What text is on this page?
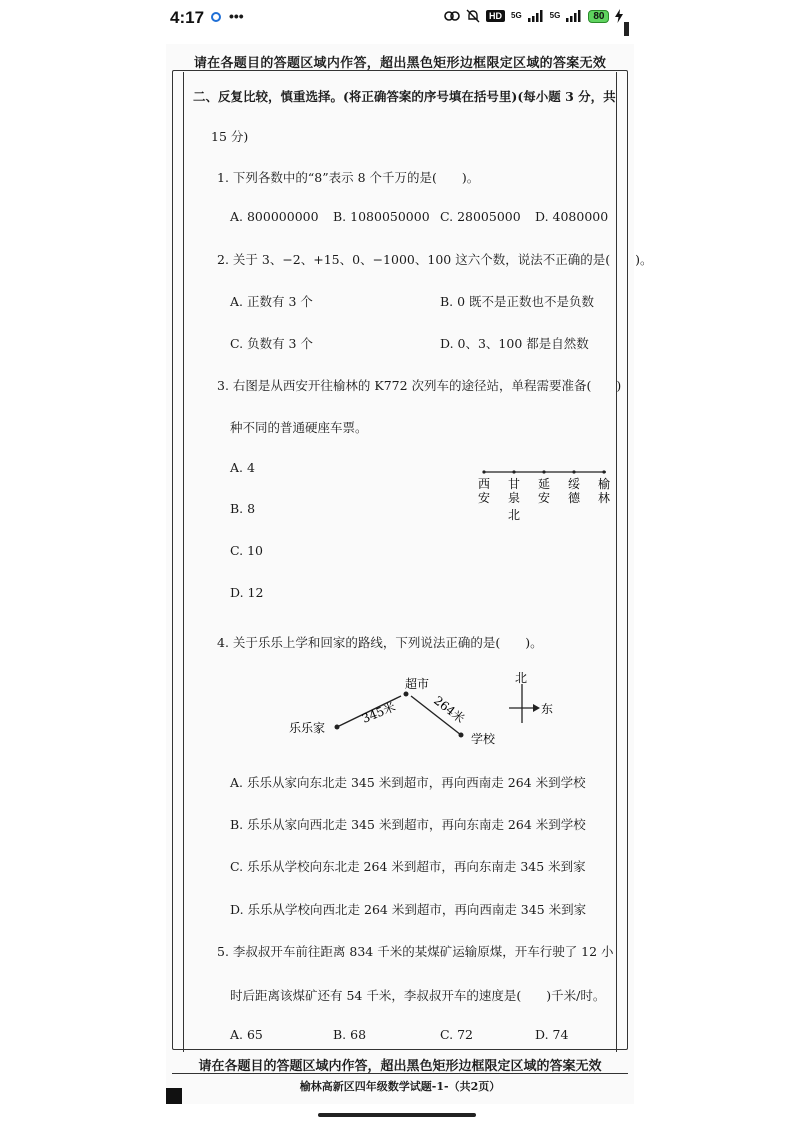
4:17 •••	HD	5G	5G	80
请在各题目的答题区域内作答，超出黑色矩形边框限定区域的答案无效
二、反复比较，慎重选择。(将正确答案的序号填在括号里)(每小题 3 分，共
15 分)
1. 下列各数中的“8”表示 8 个千万的是(　　)。
A. 800000000 B. 1080050000 C. 28005000 D. 4080000
2. 关于 3、−2、+15、0、−1000、100 这六个数，说法不正确的是(　　)。
A. 正数有 3 个	B. 0 既不是正数也不是负数
C. 负数有 3 个	D. 0、3、100 都是自然数
3. 右图是从西安开往榆林的 K772 次列车的途径站，单程需要准备(　　)
种不同的普通硬座车票。
A. 4
B. 8
C. 10
D. 12
西
安
甘
泉
北
延
安
绥
德
榆
林
4. 关于乐乐上学和回家的路线，下列说法正确的是(　　)。
乐乐家
超市
学校
345米	264米
北
东
A. 乐乐从家向东北走 345 米到超市，再向西南走 264 米到学校
B. 乐乐从家向西北走 345 米到超市，再向东南走 264 米到学校
C. 乐乐从学校向东北走 264 米到超市，再向东南走 345 米到家
D. 乐乐从学校向西北走 264 米到超市，再向西南走 345 米到家
5. 李叔叔开车前往距离 834 千米的某煤矿运输原煤，开车行驶了 12 小
时后距离该煤矿还有 54 千米，李叔叔开车的速度是(　　)千米/时。
A. 65	B. 68	C. 72	D. 74
请在各题目的答题区域内作答，超出黑色矩形边框限定区域的答案无效
榆林高新区四年级数学试题-1-（共2页）
